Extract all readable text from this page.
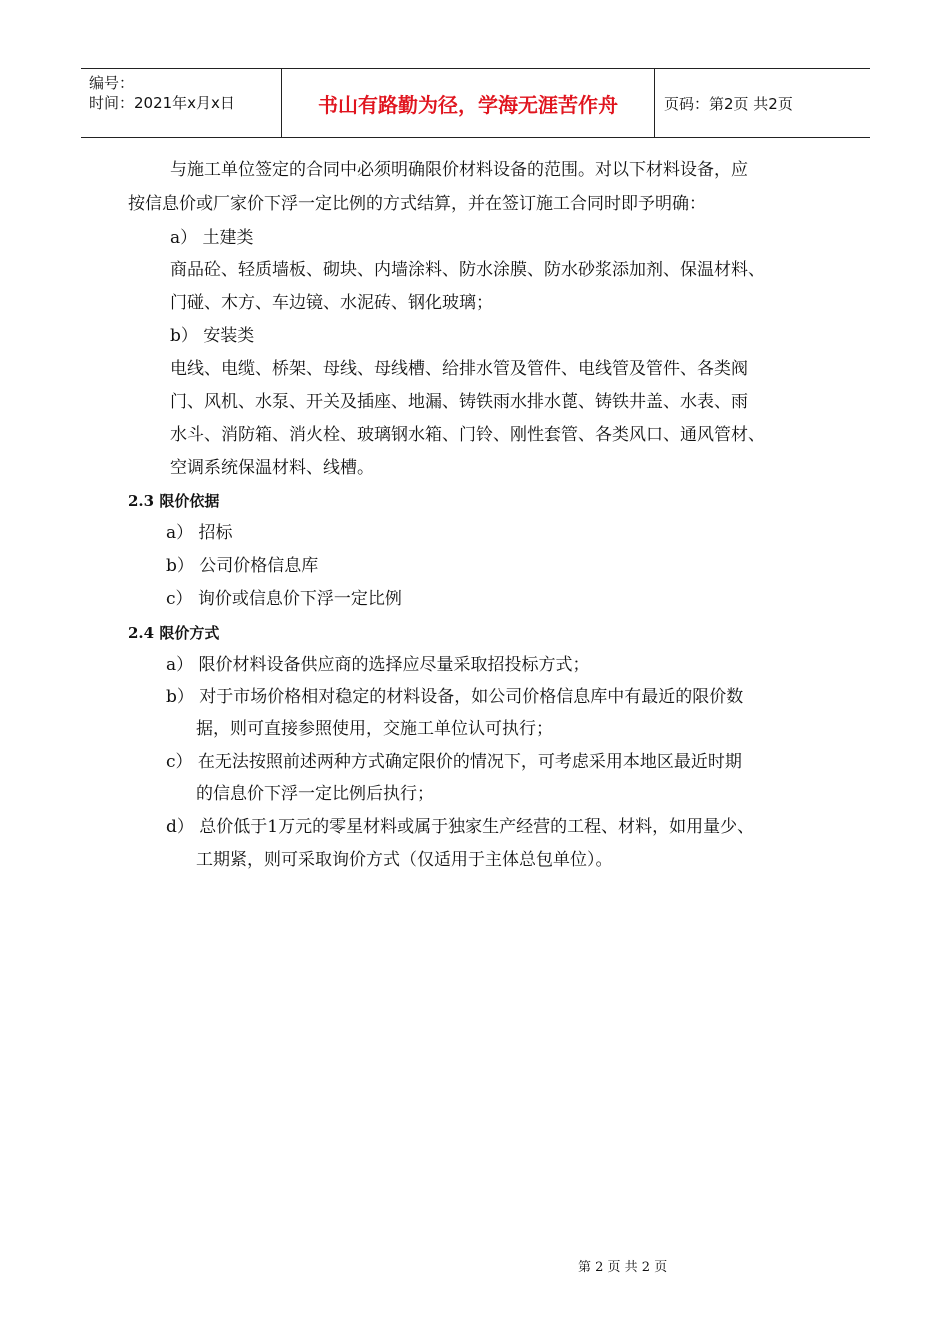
编号：
时间：2021年x月x日	书山有路勤为径，学海无涯苦作舟	页码：第2页 共2页
与施工单位签定的合同中必须明确限价材料设备的范围。对以下材料设备，应
按信息价或厂家价下浮一定比例的方式结算，并在签订施工合同时即予明确：
a） 土建类
商品砼、轻质墙板、砌块、内墙涂料、防水涂膜、防水砂浆添加剂、保温材料、
门碰、木方、车边镜、水泥砖、钢化玻璃；
b） 安装类
电线、电缆、桥架、母线、母线槽、给排水管及管件、电线管及管件、各类阀
门、风机、水泵、开关及插座、地漏、铸铁雨水排水蓖、铸铁井盖、水表、雨
水斗、消防箱、消火栓、玻璃钢水箱、门铃、刚性套管、各类风口、通风管材、
空调系统保温材料、线槽。
2.3 限价依据
a） 招标
b） 公司价格信息库
c） 询价或信息价下浮一定比例
2.4 限价方式
a） 限价材料设备供应商的选择应尽量采取招投标方式；
b） 对于市场价格相对稳定的材料设备，如公司价格信息库中有最近的限价数
据，则可直接参照使用，交施工单位认可执行；
c） 在无法按照前述两种方式确定限价的情况下，可考虑采用本地区最近时期
的信息价下浮一定比例后执行；
d） 总价低于1万元的零星材料或属于独家生产经营的工程、材料，如用量少、
工期紧，则可采取询价方式（仅适用于主体总包单位）。
第 2 页 共 2 页
